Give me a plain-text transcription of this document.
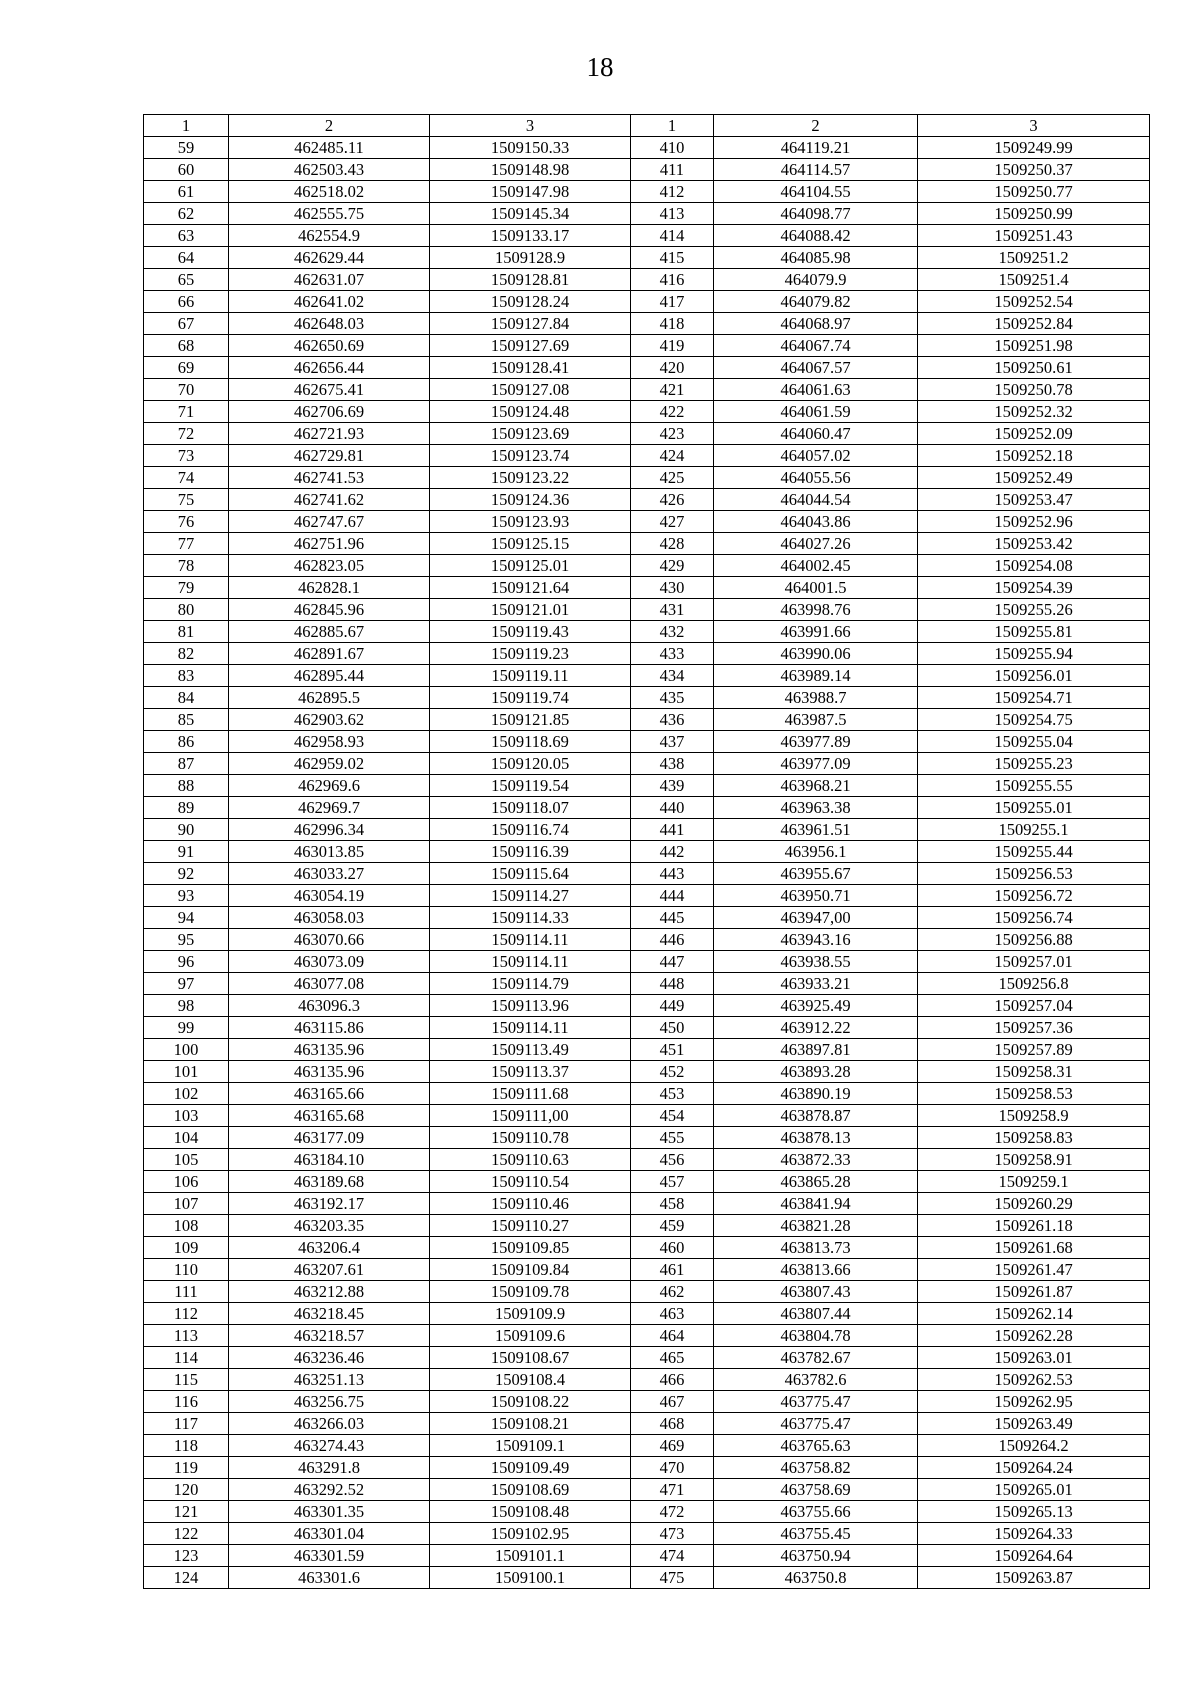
18
1	2	3	1	2	3
59	462485.11	1509150.33	410	464119.21	1509249.99
60	462503.43	1509148.98	411	464114.57	1509250.37
61	462518.02	1509147.98	412	464104.55	1509250.77
62	462555.75	1509145.34	413	464098.77	1509250.99
63	462554.9	1509133.17	414	464088.42	1509251.43
64	462629.44	1509128.9	415	464085.98	1509251.2
65	462631.07	1509128.81	416	464079.9	1509251.4
66	462641.02	1509128.24	417	464079.82	1509252.54
67	462648.03	1509127.84	418	464068.97	1509252.84
68	462650.69	1509127.69	419	464067.74	1509251.98
69	462656.44	1509128.41	420	464067.57	1509250.61
70	462675.41	1509127.08	421	464061.63	1509250.78
71	462706.69	1509124.48	422	464061.59	1509252.32
72	462721.93	1509123.69	423	464060.47	1509252.09
73	462729.81	1509123.74	424	464057.02	1509252.18
74	462741.53	1509123.22	425	464055.56	1509252.49
75	462741.62	1509124.36	426	464044.54	1509253.47
76	462747.67	1509123.93	427	464043.86	1509252.96
77	462751.96	1509125.15	428	464027.26	1509253.42
78	462823.05	1509125.01	429	464002.45	1509254.08
79	462828.1	1509121.64	430	464001.5	1509254.39
80	462845.96	1509121.01	431	463998.76	1509255.26
81	462885.67	1509119.43	432	463991.66	1509255.81
82	462891.67	1509119.23	433	463990.06	1509255.94
83	462895.44	1509119.11	434	463989.14	1509256.01
84	462895.5	1509119.74	435	463988.7	1509254.71
85	462903.62	1509121.85	436	463987.5	1509254.75
86	462958.93	1509118.69	437	463977.89	1509255.04
87	462959.02	1509120.05	438	463977.09	1509255.23
88	462969.6	1509119.54	439	463968.21	1509255.55
89	462969.7	1509118.07	440	463963.38	1509255.01
90	462996.34	1509116.74	441	463961.51	1509255.1
91	463013.85	1509116.39	442	463956.1	1509255.44
92	463033.27	1509115.64	443	463955.67	1509256.53
93	463054.19	1509114.27	444	463950.71	1509256.72
94	463058.03	1509114.33	445	463947,00	1509256.74
95	463070.66	1509114.11	446	463943.16	1509256.88
96	463073.09	1509114.11	447	463938.55	1509257.01
97	463077.08	1509114.79	448	463933.21	1509256.8
98	463096.3	1509113.96	449	463925.49	1509257.04
99	463115.86	1509114.11	450	463912.22	1509257.36
100	463135.96	1509113.49	451	463897.81	1509257.89
101	463135.96	1509113.37	452	463893.28	1509258.31
102	463165.66	1509111.68	453	463890.19	1509258.53
103	463165.68	1509111,00	454	463878.87	1509258.9
104	463177.09	1509110.78	455	463878.13	1509258.83
105	463184.10	1509110.63	456	463872.33	1509258.91
106	463189.68	1509110.54	457	463865.28	1509259.1
107	463192.17	1509110.46	458	463841.94	1509260.29
108	463203.35	1509110.27	459	463821.28	1509261.18
109	463206.4	1509109.85	460	463813.73	1509261.68
110	463207.61	1509109.84	461	463813.66	1509261.47
111	463212.88	1509109.78	462	463807.43	1509261.87
112	463218.45	1509109.9	463	463807.44	1509262.14
113	463218.57	1509109.6	464	463804.78	1509262.28
114	463236.46	1509108.67	465	463782.67	1509263.01
115	463251.13	1509108.4	466	463782.6	1509262.53
116	463256.75	1509108.22	467	463775.47	1509262.95
117	463266.03	1509108.21	468	463775.47	1509263.49
118	463274.43	1509109.1	469	463765.63	1509264.2
119	463291.8	1509109.49	470	463758.82	1509264.24
120	463292.52	1509108.69	471	463758.69	1509265.01
121	463301.35	1509108.48	472	463755.66	1509265.13
122	463301.04	1509102.95	473	463755.45	1509264.33
123	463301.59	1509101.1	474	463750.94	1509264.64
124	463301.6	1509100.1	475	463750.8	1509263.87
